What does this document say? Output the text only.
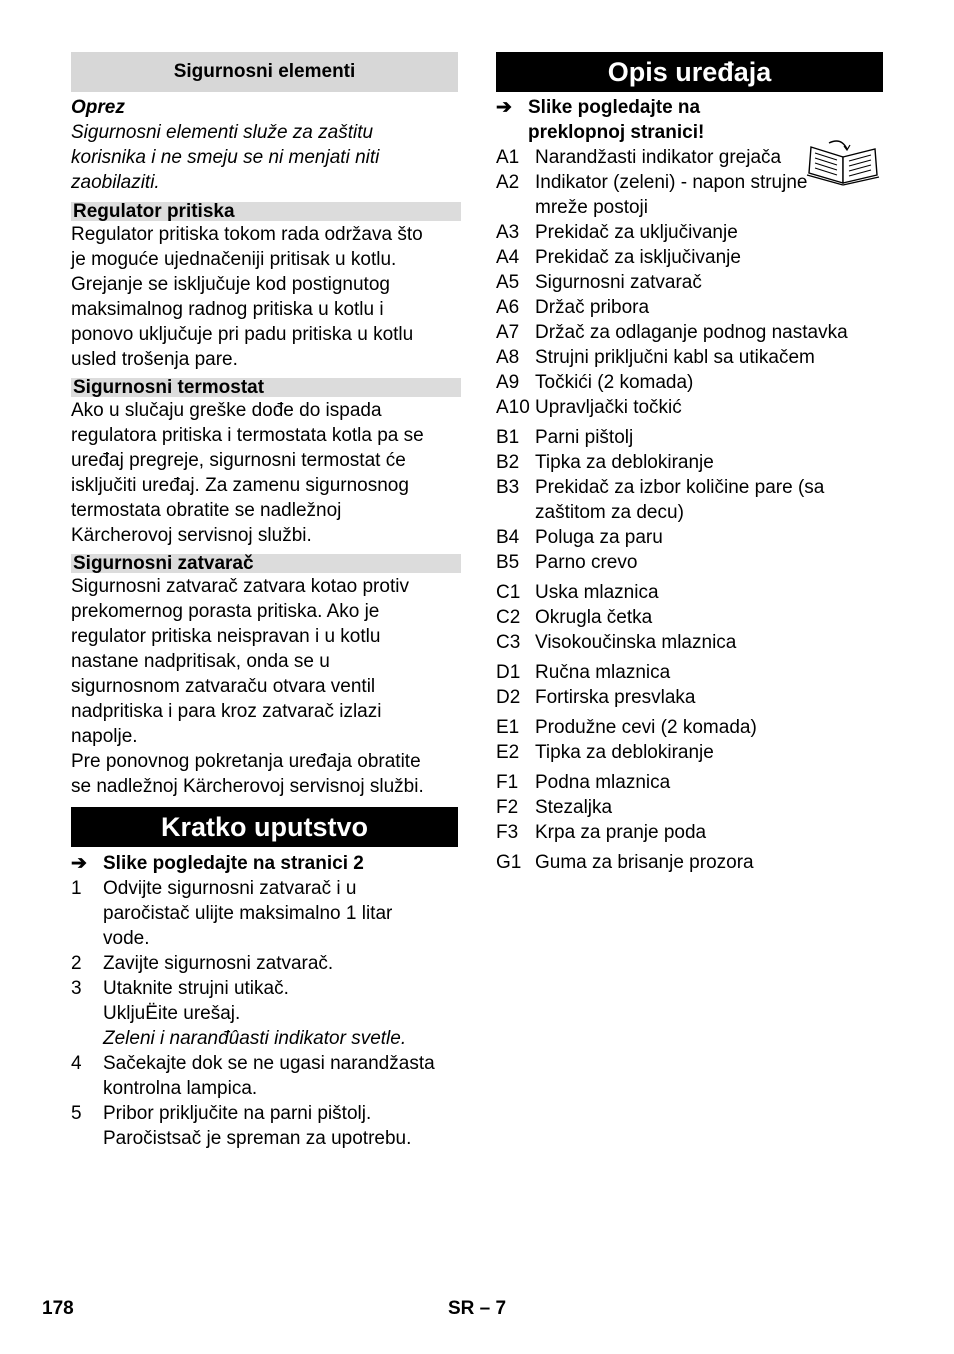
Sigurnosni elementi
Oprez
Sigurnosni elementi služe za zaštitu
korisnika i ne smeju se ni menjati niti
zaobilaziti.
Regulator pritiska
Regulator pritiska tokom rada održava što
je moguće ujednačeniji pritisak u kotlu.
Grejanje se isključuje kod postignutog
maksimalnog radnog pritiska u kotlu i
ponovo uključuje pri padu pritiska u kotlu
usled trošenja pare.
Sigurnosni termostat
Ako u slučaju greške dođe do ispada
regulatora pritiska i termostata kotla pa se
uređaj pregreje, sigurnosni termostat će
isključiti uređaj. Za zamenu sigurnosnog
termostata obratite se nadležnoj
Kärcherovoj servisnoj službi.
Sigurnosni zatvarač
Sigurnosni zatvarač zatvara kotao protiv
prekomernog porasta pritiska. Ako je
regulator pritiska neispravan i u kotlu
nastane nadpritisak, onda se u
sigurnosnom zatvaraču otvara ventil
nadpritiska i para kroz zatvarač izlazi
napolje.
Pre ponovnog pokretanja uređaja obratite
se nadležnoj Kärcherovoj servisnoj službi.
Kratko uputstvo
➔ Slike pogledajte na stranici 2
1	Odvijte sigurnosni zatvarač i u
paročistač ulijte maksimalno 1 litar
vode.
2	Zavijte sigurnosni zatvarač.
3	Utaknite strujni utikač.
UkljuËite urešaj.
Zeleni i naranđûasti indikator svetle.
4	Sačekajte dok se ne ugasi narandžasta
kontrolna lampica.
5	Pribor priključite na parni pištolj.
Paročistsač je spreman za upotrebu.
Opis uređaja
➔ Slike pogledajte na
preklopnoj stranici!
A1 Narandžasti indikator grejača
A2 Indikator (zeleni) - napon strujne
mreže postoji
A3 Prekidač za uključivanje
A4 Prekidač za isključivanje
A5 Sigurnosni zatvarač
A6 Držač pribora
A7 Držač za odlaganje podnog nastavka
A8 Strujni priključni kabl sa utikačem
A9 Točkići (2 komada)
A10 Upravljački točkić
B1 Parni pištolj
B2 Tipka za deblokiranje
B3 Prekidač za izbor količine pare (sa
zaštitom za decu)
B4 Poluga za paru
B5 Parno crevo
C1 Uska mlaznica
C2 Okrugla četka
C3 Visokoučinska mlaznica
D1 Ručna mlaznica
D2 Fortirska presvlaka
E1 Produžne cevi (2 komada)
E2 Tipka za deblokiranje
F1 Podna mlaznica
F2 Stezaljka
F3 Krpa za pranje poda
G1 Guma za brisanje prozora
178	SR – 7
